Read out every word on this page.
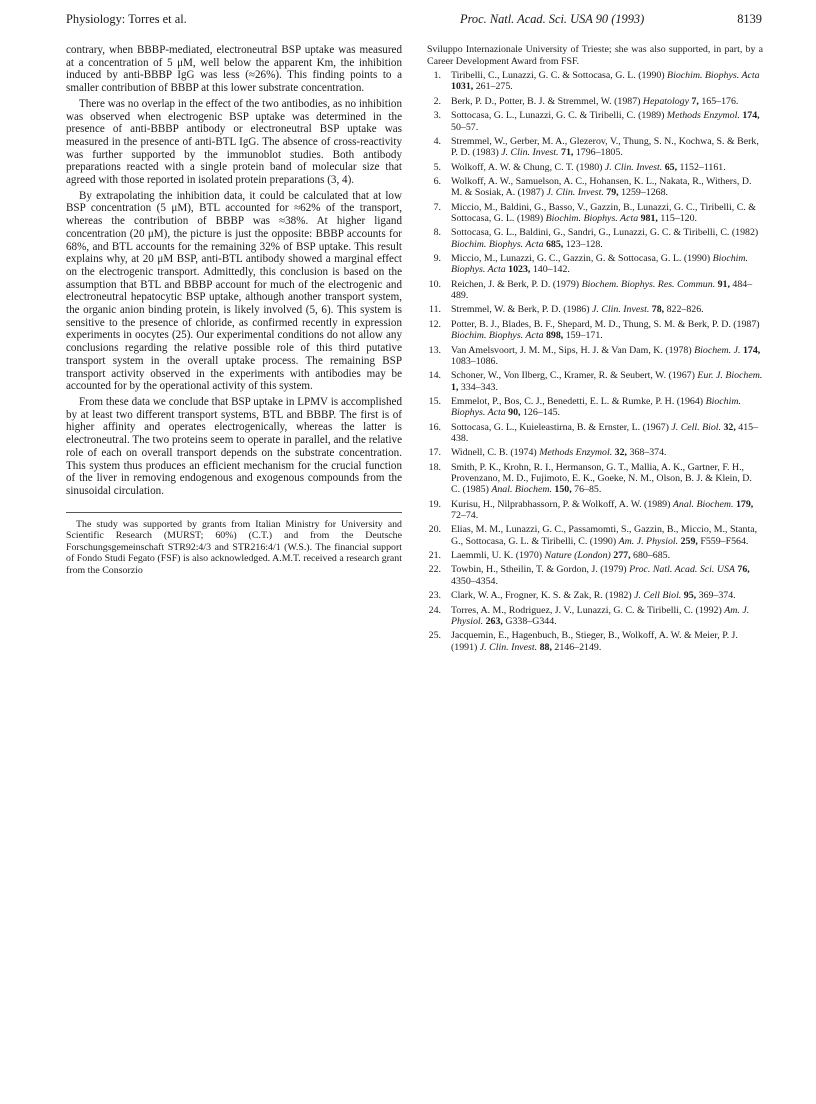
Physiology: Torres et al.	Proc. Natl. Acad. Sci. USA 90 (1993)	8139

contrary, when BBBP-mediated, electroneutral BSP uptake was measured at a concentration of 5 μM, well below the apparent Km, the inhibition induced by anti-BBBP IgG was less (≈26%). This finding points to a smaller contribution of BBBP at this lower substrate concentration.

There was no overlap in the effect of the two antibodies, as no inhibition was observed when electrogenic BSP uptake was determined in the presence of anti-BBBP antibody or electroneutral BSP uptake was measured in the presence of anti-BTL IgG. The absence of cross-reactivity was further supported by the immunoblot studies. Both antibody preparations reacted with a single protein band of molecular size that agreed with those reported in isolated protein preparations (3, 4).

By extrapolating the inhibition data, it could be calculated that at low BSP concentration (5 μM), BTL accounted for ≈62% of the transport, whereas the contribution of BBBP was ≈38%. At higher ligand concentration (20 μM), the picture is just the opposite: BBBP accounts for 68%, and BTL accounts for the remaining 32% of BSP uptake. This result explains why, at 20 μM BSP, anti-BTL antibody showed a marginal effect on the electrogenic transport. Admittedly, this conclusion is based on the assumption that BTL and BBBP account for much of the electrogenic and electroneutral hepatocytic BSP uptake, although another transport system, the organic anion binding protein, is likely involved (5, 6). This system is sensitive to the presence of chloride, as confirmed recently in expression experiments in oocytes (25). Our experimental conditions do not allow any conclusions regarding the relative possible role of this third putative transport system in the overall uptake process. The remaining BSP transport activity observed in the experiments with antibodies may be accounted for by the operational activity of this system.

From these data we conclude that BSP uptake in LPMV is accomplished by at least two different transport systems, BTL and BBBP. The first is of higher affinity and operates electrogenically, whereas the latter is electroneutral. The two proteins seem to operate in parallel, and the relative role of each on overall transport depends on the substrate concentration. This system thus produces an efficient mechanism for the crucial function of the liver in removing endogenous and exogenous compounds from the sinusoidal circulation.

The study was supported by grants from Italian Ministry for University and Scientific Research (MURST; 60%) (C.T.) and from the Deutsche Forschungsgemeinschaft STR92:4/3 and STR216:4/1 (W.S.). The financial support of Fondo Studi Fegato (FSF) is also acknowledged. A.M.T. received a research grant from the Consorzio

Sviluppo Internazionale University of Trieste; she was also supported, in part, by a Career Development Award from FSF.

1. Tiribelli, C., Lunazzi, G. C. & Sottocasa, G. L. (1990) Biochim. Biophys. Acta 1031, 261–275.
2. Berk, P. D., Potter, B. J. & Stremmel, W. (1987) Hepatology 7, 165–176.
3. Sottocasa, G. L., Lunazzi, G. C. & Tiribelli, C. (1989) Methods Enzymol. 174, 50–57.
4. Stremmel, W., Gerber, M. A., Glezerov, V., Thung, S. N., Kochwa, S. & Berk, P. D. (1983) J. Clin. Invest. 71, 1796–1805.
5. Wolkoff, A. W. & Chung, C. T. (1980) J. Clin. Invest. 65, 1152–1161.
6. Wolkoff, A. W., Samuelson, A. C., Hohansen, K. L., Nakata, R., Withers, D. M. & Sosiak, A. (1987) J. Clin. Invest. 79, 1259–1268.
7. Miccio, M., Baldini, G., Basso, V., Gazzin, B., Lunazzi, G. C., Tiribelli, C. & Sottocasa, G. L. (1989) Biochim. Biophys. Acta 981, 115–120.
8. Sottocasa, G. L., Baldini, G., Sandri, G., Lunazzi, G. C. & Tiribelli, C. (1982) Biochim. Biophys. Acta 685, 123–128.
9. Miccio, M., Lunazzi, G. C., Gazzin, G. & Sottocasa, G. L. (1990) Biochim. Biophys. Acta 1023, 140–142.
10. Reichen, J. & Berk, P. D. (1979) Biochem. Biophys. Res. Commun. 91, 484–489.
11. Stremmel, W. & Berk, P. D. (1986) J. Clin. Invest. 78, 822–826.
12. Potter, B. J., Blades, B. F., Shepard, M. D., Thung, S. M. & Berk, P. D. (1987) Biochim. Biophys. Acta 898, 159–171.
13. Van Amelsvoort, J. M. M., Sips, H. J. & Van Dam, K. (1978) Biochem. J. 174, 1083–1086.
14. Schoner, W., Von Ilberg, C., Kramer, R. & Seubert, W. (1967) Eur. J. Biochem. 1, 334–343.
15. Emmelot, P., Bos, C. J., Benedetti, E. L. & Rumke, P. H. (1964) Biochim. Biophys. Acta 90, 126–145.
16. Sottocasa, G. L., Kuieleastirna, B. & Ernster, L. (1967) J. Cell. Biol. 32, 415–438.
17. Widnell, C. B. (1974) Methods Enzymol. 32, 368–374.
18. Smith, P. K., Krohn, R. I., Hermanson, G. T., Mallia, A. K., Gartner, F. H., Provenzano, M. D., Fujimoto, E. K., Goeke, N. M., Olson, B. J. & Klein, D. C. (1985) Anal. Biochem. 150, 76–85.
19. Kurisu, H., Nilprabhassorn, P. & Wolkoff, A. W. (1989) Anal. Biochem. 179, 72–74.
20. Elias, M. M., Lunazzi, G. C., Passamomti, S., Gazzin, B., Miccio, M., Stanta, G., Sottocasa, G. L. & Tiribelli, C. (1990) Am. J. Physiol. 259, F559–F564.
21. Laemmli, U. K. (1970) Nature (London) 277, 680–685.
22. Towbin, H., Stheilin, T. & Gordon, J. (1979) Proc. Natl. Acad. Sci. USA 76, 4350–4354.
23. Clark, W. A., Frogner, K. S. & Zak, R. (1982) J. Cell Biol. 95, 369–374.
24. Torres, A. M., Rodriguez, J. V., Lunazzi, G. C. & Tiribelli, C. (1992) Am. J. Physiol. 263, G338–G344.
25. Jacquemin, E., Hagenbuch, B., Stieger, B., Wolkoff, A. W. & Meier, P. J. (1991) J. Clin. Invest. 88, 2146–2149.
